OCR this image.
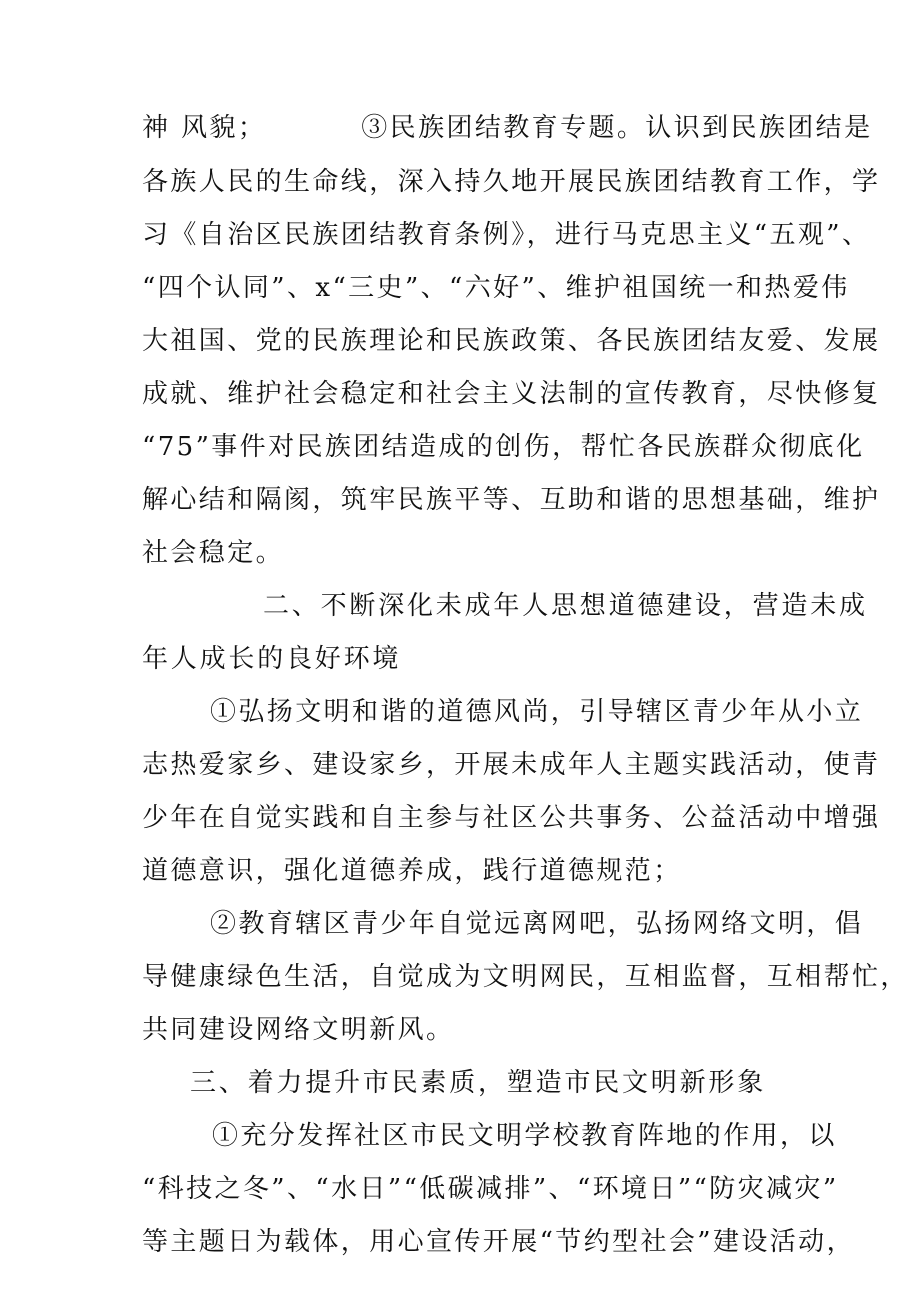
神 风貌；	③民族团结教育专题。认识到民族团结是
各族人民的生命线，深入持久地开展民族团结教育工作，学
习《自治区民族团结教育条例》，进行马克思主义“五观”、
“四个认同”、x“三史”、“六好”、维护祖国统一和热爱伟
大祖国、党的民族理论和民族政策、各民族团结友爱、发展
成就、维护社会稳定和社会主义法制的宣传教育，尽快修复
“75”事件对民族团结造成的创伤，帮忙各民族群众彻底化
解心结和隔阂，筑牢民族平等、互助和谐的思想基础，维护
社会稳定。
二、不断深化未成年人思想道德建设，营造未成
年人成长的良好环境
①弘扬文明和谐的道德风尚，引导辖区青少年从小立
志热爱家乡、建设家乡，开展未成年人主题实践活动，使青
少年在自觉实践和自主参与社区公共事务、公益活动中增强
道德意识，强化道德养成，践行道德规范；
②教育辖区青少年自觉远离网吧，弘扬网络文明，倡
导健康绿色生活，自觉成为文明网民，互相监督，互相帮忙，
共同建设网络文明新风。
三、着力提升市民素质，塑造市民文明新形象
①充分发挥社区市民文明学校教育阵地的作用，以
“科技之冬”、“水日”“低碳减排”、“环境日”“防灾减灾”
等主题日为载体，用心宣传开展“节约型社会”建设活动，
